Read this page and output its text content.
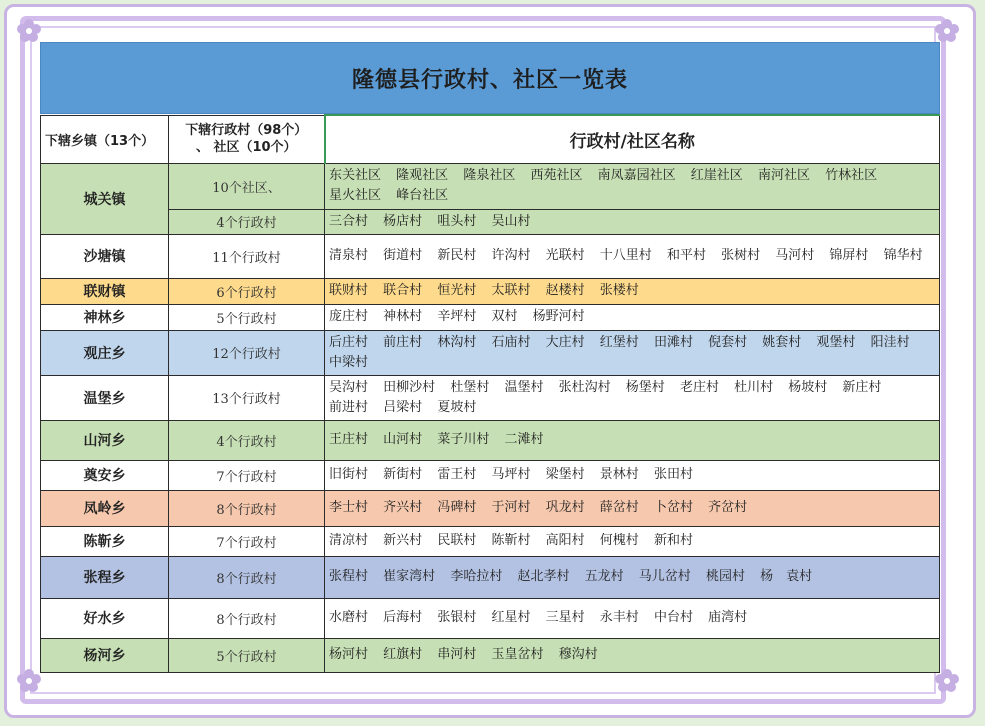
隆德县行政村、社区一览表
下辖乡镇（13个）	下辖行政村（98个）
、 社区（10个）	行政村/社区名称
城关镇	10个社区、	东关社区 隆观社区 隆泉社区 西苑社区 南凤嘉园社区 红崖社区 南河社区 竹林社区 星火社区 峰台社区
	4个行政村	三合村 杨店村 咀头村 吴山村
沙塘镇	11个行政村	清泉村 街道村 新民村 许沟村 光联村 十八里村 和平村 张树村 马河村 锦屏村 锦华村
联财镇	6个行政村	联财村 联合村 恒光村 太联村 赵楼村 张楼村
神林乡	5个行政村	庞庄村 神林村 辛坪村 双村 杨野河村
观庄乡	12个行政村	后庄村 前庄村 林沟村 石庙村 大庄村 红堡村 田滩村 倪套村 姚套村 观堡村 阳洼村 中梁村
温堡乡	13个行政村	吴沟村 田柳沙村 杜堡村 温堡村 张杜沟村 杨堡村 老庄村 杜川村 杨坡村 新庄村 前进村 吕梁村 夏坡村
山河乡	4个行政村	王庄村 山河村 菜子川村 二滩村
奠安乡	7个行政村	旧街村 新街村 雷王村 马坪村 梁堡村 景林村 张田村
凤岭乡	8个行政村	李士村 齐兴村 冯碑村 于河村 巩龙村 薛岔村 卜岔村 齐岔村
陈靳乡	7个行政村	清凉村 新兴村 民联村 陈靳村 高阳村 何槐村 新和村
张程乡	8个行政村	张程村 崔家湾村 李哈拉村 赵北孝村 五龙村 马儿岔村 桃园村 杨　袁村
好水乡	8个行政村	水磨村 后海村 张银村 红星村 三星村 永丰村 中台村 庙湾村
杨河乡	5个行政村	杨河村 红旗村 串河村 玉皇岔村 穆沟村
